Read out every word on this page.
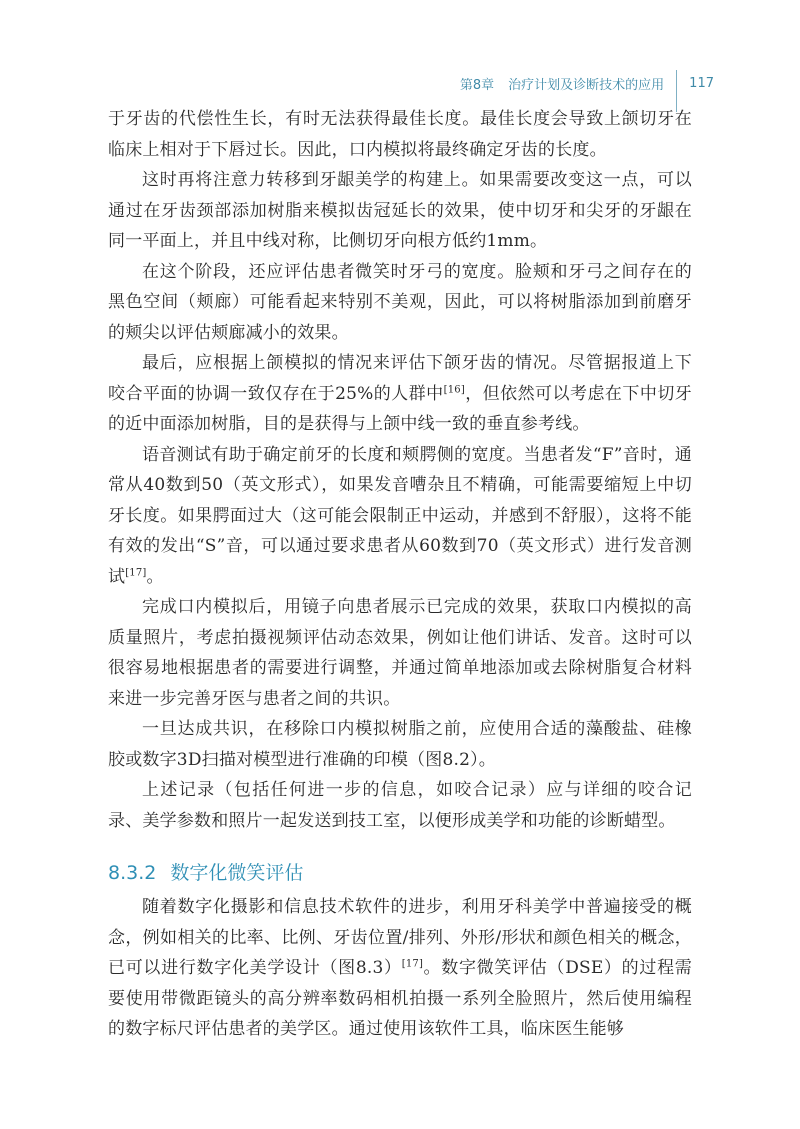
第8章 治疗计划及诊断技术的应用 117

于牙齿的代偿性生长，有时无法获得最佳长度。最佳长度会导致上颌切牙在临床上相对于下唇过长。因此，口内模拟将最终确定牙齿的长度。

这时再将注意力转移到牙龈美学的构建上。如果需要改变这一点，可以通过在牙齿颈部添加树脂来模拟齿冠延长的效果，使中切牙和尖牙的牙龈在同一平面上，并且中线对称，比侧切牙向根方低约1mm。

在这个阶段，还应评估患者微笑时牙弓的宽度。脸颊和牙弓之间存在的黑色空间（颊廊）可能看起来特别不美观，因此，可以将树脂添加到前磨牙的颊尖以评估颊廊减小的效果。

最后，应根据上颌模拟的情况来评估下颌牙齿的情况。尽管据报道上下咬合平面的协调一致仅存在于25%的人群中[16]，但依然可以考虑在下中切牙的近中面添加树脂，目的是获得与上颌中线一致的垂直参考线。

语音测试有助于确定前牙的长度和颊腭侧的宽度。当患者发“F”音时，通常从40数到50（英文形式），如果发音嘈杂且不精确，可能需要缩短上中切牙长度。如果腭面过大（这可能会限制正中运动，并感到不舒服），这将不能有效的发出“S”音，可以通过要求患者从60数到70（英文形式）进行发音测试[17]。

完成口内模拟后，用镜子向患者展示已完成的效果，获取口内模拟的高质量照片，考虑拍摄视频评估动态效果，例如让他们讲话、发音。这时可以很容易地根据患者的需要进行调整，并通过简单地添加或去除树脂复合材料来进一步完善牙医与患者之间的共识。

一旦达成共识，在移除口内模拟树脂之前，应使用合适的藻酸盐、硅橡胶或数字3D扫描对模型进行准确的印模（图8.2）。

上述记录（包括任何进一步的信息，如咬合记录）应与详细的咬合记录、美学参数和照片一起发送到技工室，以便形成美学和功能的诊断蜡型。

8.3.2 数字化微笑评估

随着数字化摄影和信息技术软件的进步，利用牙科美学中普遍接受的概念，例如相关的比率、比例、牙齿位置/排列、外形/形状和颜色相关的概念，已可以进行数字化美学设计（图8.3）[17]。数字微笑评估（DSE）的过程需要使用带微距镜头的高分辨率数码相机拍摄一系列全脸照片，然后使用编程的数字标尺评估患者的美学区。通过使用该软件工具，临床医生能够
